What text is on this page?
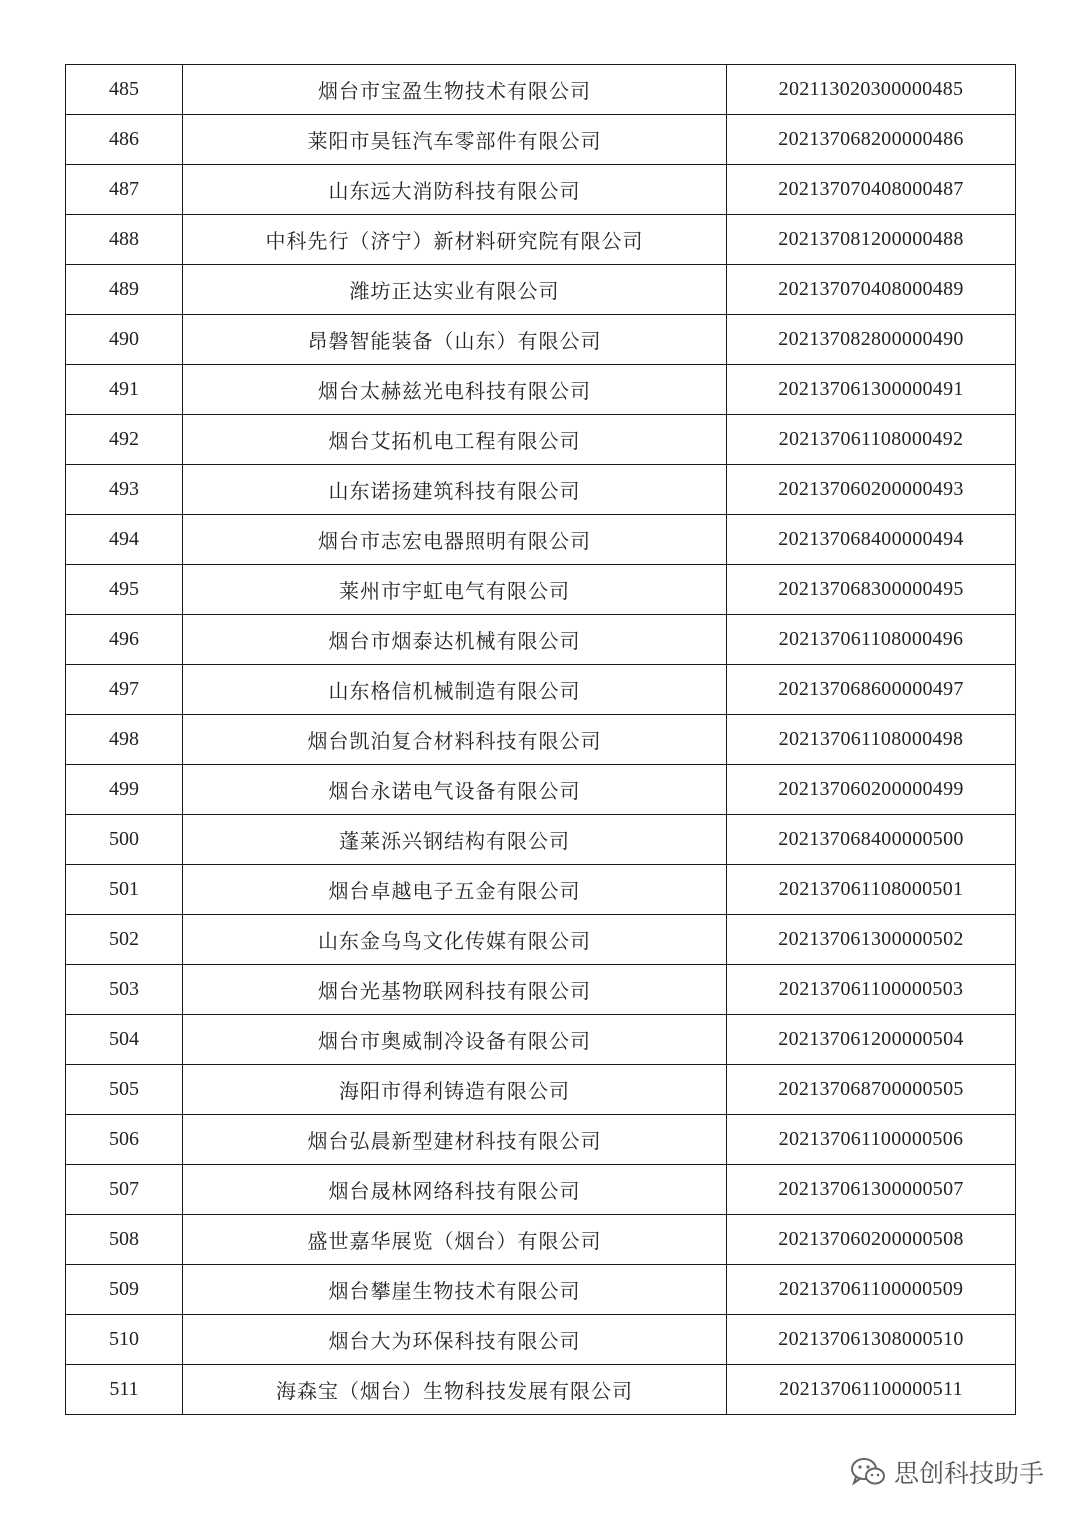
485	烟台市宝盈生物技术有限公司	2021130203000004​85
486	莱阳市昊钰汽车零部件有限公司	202137068200000486
487	山东远大消防科技有限公司	202137070408000487
488	中科先行（济宁）新材料研究院有限公司	202137081200000488
489	潍坊正达实业有限公司	202137070408000489
490	昂磐智能装备（山东）有限公司	202137082800000490
491	烟台太赫兹光电科技有限公司	202137061300000491
492	烟台艾拓机电工程有限公司	202137061108000492
493	山东诺扬建筑科技有限公司	202137060200000493
494	烟台市志宏电器照明有限公司	202137068400000494
495	莱州市宇虹电气有限公司	202137068300000495
496	烟台市烟泰达机械有限公司	202137061108000496
497	山东格信机械制造有限公司	202137068600000497
498	烟台凯泊复合材料科技有限公司	202137061108000498
499	烟台永诺电气设备有限公司	202137060200000499
500	蓬莱泺兴钢结构有限公司	202137068400000500
501	烟台卓越电子五金有限公司	202137061108000501
502	山东金乌鸟文化传媒有限公司	202137061300000502
503	烟台光基物联网科技有限公司	202137061100000503
504	烟台市奥威制冷设备有限公司	202137061200000504
505	海阳市得利铸造有限公司	202137068700000505
506	烟台弘晨新型建材科技有限公司	202137061100000506
507	烟台晟林网络科技有限公司	202137061300000507
508	盛世嘉华展览（烟台）有限公司	202137060200000508
509	烟台攀崖生物技术有限公司	202137061100000509
510	烟台大为环保科技有限公司	202137061308000510
511	海森宝（烟台）生物科技发展有限公司	202137061100000511
思创科技助手
